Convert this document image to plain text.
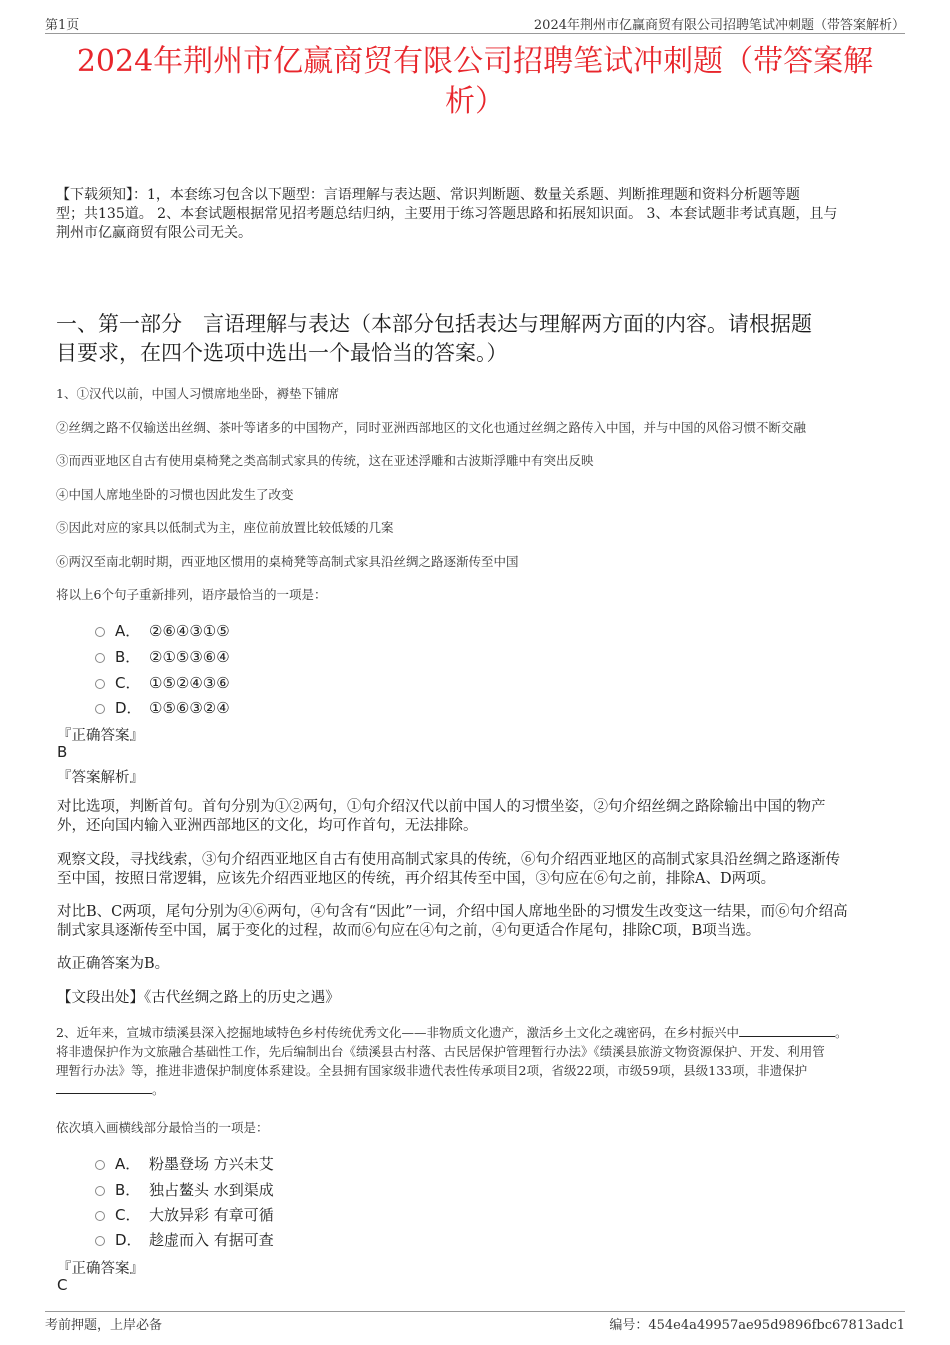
第1页	2024年荆州市亿赢商贸有限公司招聘笔试冲刺题（带答案解析）
2024年荆州市亿赢商贸有限公司招聘笔试冲刺题（带答案解
析）
【下载须知】：1，本套练习包含以下题型：言语理解与表达题、常识判断题、数量关系题、判断推理题和资料分析题等题
型；共135道。 2、本套试题根据常见招考题总结归纳，主要用于练习答题思路和拓展知识面。 3、本套试题非考试真题，且与
荆州市亿赢商贸有限公司无关。
一、第一部分　言语理解与表达（本部分包括表达与理解两方面的内容。请根据题
目要求，在四个选项中选出一个最恰当的答案。）
1、①汉代以前，中国人习惯席地坐卧，褥垫下铺席
②丝绸之路不仅输送出丝绸、茶叶等诸多的中国物产，同时亚洲西部地区的文化也通过丝绸之路传入中国，并与中国的风俗习惯不断交融
③而西亚地区自古有使用桌椅凳之类高制式家具的传统，这在亚述浮雕和古波斯浮雕中有突出反映
④中国人席地坐卧的习惯也因此发生了改变
⑤因此对应的家具以低制式为主，座位前放置比较低矮的几案
⑥两汉至南北朝时期，西亚地区惯用的桌椅凳等高制式家具沿丝绸之路逐渐传至中国
将以上6个句子重新排列，语序最恰当的一项是：
A． ②⑥④③①⑤
B． ②①⑤③⑥④
C． ①⑤②④③⑥
D． ①⑤⑥③②④
『正确答案』
B
『答案解析』
对比选项，判断首句。首句分别为①②两句，①句介绍汉代以前中国人的习惯坐姿，②句介绍丝绸之路除输出中国的物产
外，还向国内输入亚洲西部地区的文化，均可作首句，无法排除。
观察文段，寻找线索，③句介绍西亚地区自古有使用高制式家具的传统，⑥句介绍西亚地区的高制式家具沿丝绸之路逐渐传
至中国，按照日常逻辑，应该先介绍西亚地区的传统，再介绍其传至中国，③句应在⑥句之前，排除A、D两项。
对比B、C两项，尾句分别为④⑥两句，④句含有“因此”一词，介绍中国人席地坐卧的习惯发生改变这一结果，而⑥句介绍高
制式家具逐渐传至中国，属于变化的过程，故而⑥句应在④句之前，④句更适合作尾句，排除C项，B项当选。
故正确答案为B。
【文段出处】《古代丝绸之路上的历史之遇》
2、近年来，宣城市绩溪县深入挖掘地域特色乡村传统优秀文化——非物质文化遗产，激活乡土文化之魂密码，在乡村振兴中	。
将非遗保护作为文旅融合基础性工作，先后编制出台《绩溪县古村落、古民居保护管理暂行办法》《绩溪县旅游文物资源保护、开发、利用管
理暂行办法》等，推进非遗保护制度体系建设。全县拥有国家级非遗代表性传承项目2项，省级22项，市级59项，县级133项，非遗保护
。
依次填入画横线部分最恰当的一项是：
A． 粉墨登场 方兴未艾
B． 独占鳌头 水到渠成
C． 大放异彩 有章可循
D． 趁虚而入 有据可查
『正确答案』
C
考前押题，上岸必备	编号：454e4a49957ae95d9896fbc67813adc1
